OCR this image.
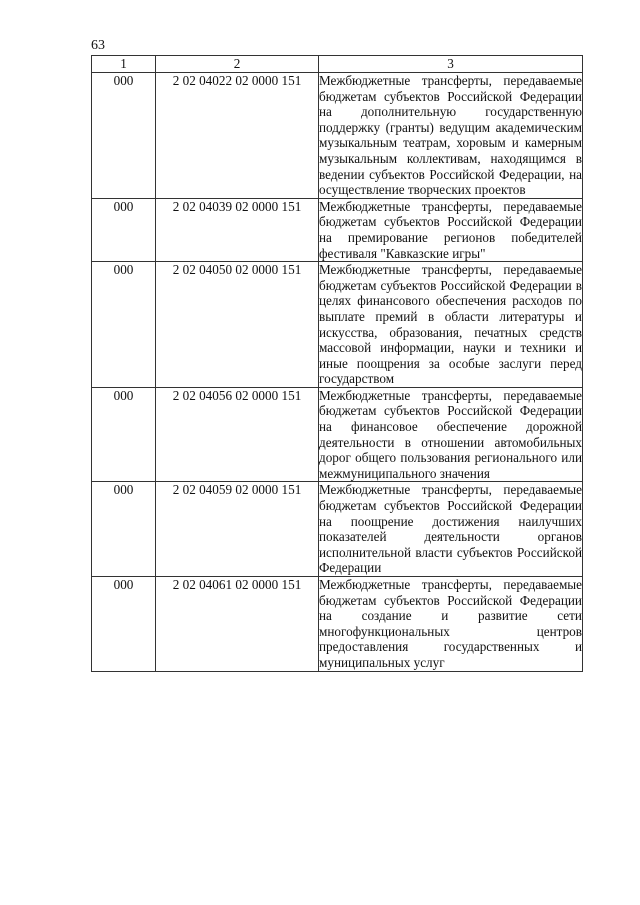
63
1	2	3
000	2 02 04022 02 0000 151	Межбюджетные трансферты, передаваемые бюджетам субъектов Российской Федерации на дополнительную государственную поддержку (гранты) ведущим академическим музыкальным театрам, хоровым и камерным музыкальным коллективам, находящимся в ведении субъектов Российской Федерации, на осуществление творческих проектов
000	2 02 04039 02 0000 151	Межбюджетные трансферты, передаваемые бюджетам субъектов Российской Федерации на премирование регионов победителей фестиваля "Кавказские игры"
000	2 02 04050 02 0000 151	Межбюджетные трансферты, передаваемые бюджетам субъектов Российской Федерации в целях финансового обеспечения расходов по выплате премий в области литературы и искусства, образования, печатных средств массовой информации, науки и техники и иные поощрения за особые заслуги перед государством
000	2 02 04056 02 0000 151	Межбюджетные трансферты, передаваемые бюджетам субъектов Российской Федерации на финансовое обеспечение дорожной деятельности в отношении автомобильных дорог общего пользования регионального или межмуниципального значения
000	2 02 04059 02 0000 151	Межбюджетные трансферты, передаваемые бюджетам субъектов Российской Федерации на поощрение достижения наилучших показателей деятельности органов исполнительной власти субъектов Российской Федерации
000	2 02 04061 02 0000 151	Межбюджетные трансферты, передаваемые бюджетам субъектов Российской Федерации на создание и развитие сети многофункциональных центров предоставления государственных и муниципальных услуг
